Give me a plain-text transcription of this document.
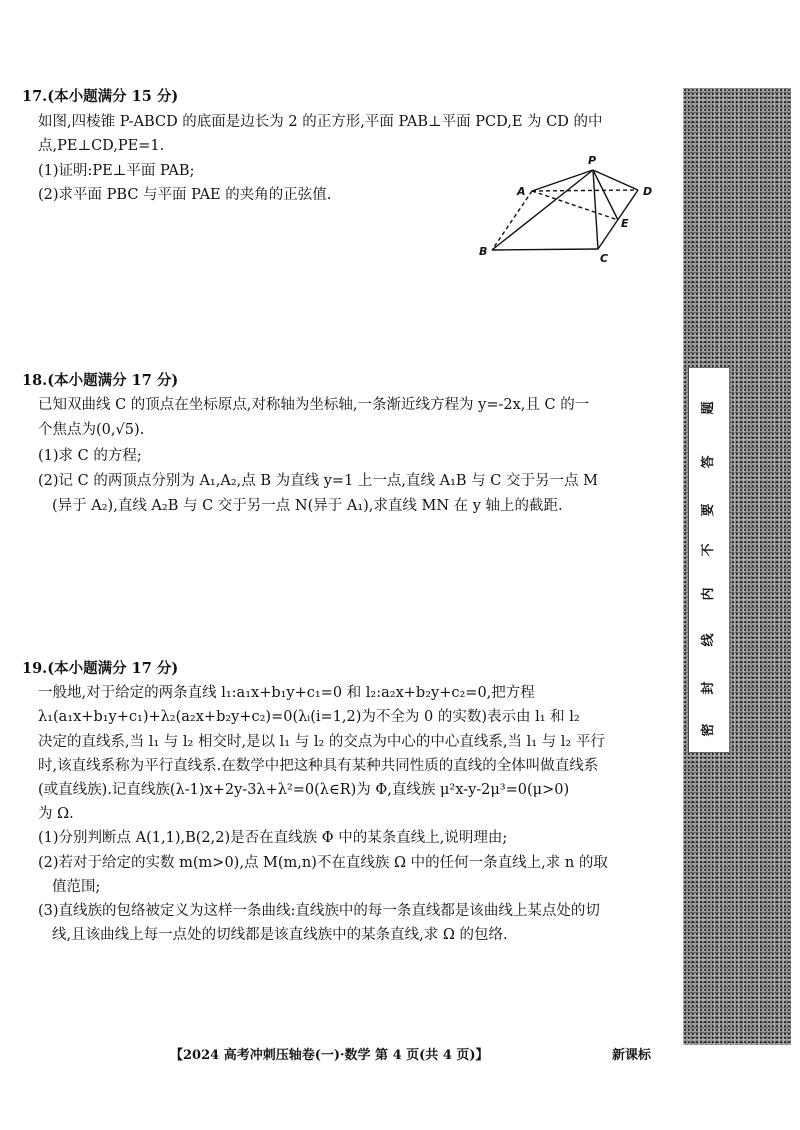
17.(本小题满分 15 分)
如图,四棱锥 P-ABCD 的底面是边长为 2 的正方形,平面 PAB⊥平面 PCD,E 为 CD 的中
点,PE⊥CD,PE=1.
(1)证明:PE⊥平面 PAB;
(2)求平面 PBC 与平面 PAE 的夹角的正弦值.
P
A	D
E
B
C
18.(本小题满分 17 分)
已知双曲线 C 的顶点在坐标原点,对称轴为坐标轴,一条渐近线方程为 y=-2x,且 C 的一
个焦点为(0,√5).
(1)求 C 的方程;
(2)记 C 的两顶点分别为 A₁,A₂,点 B 为直线 y=1 上一点,直线 A₁B 与 C 交于另一点 M
(异于 A₂),直线 A₂B 与 C 交于另一点 N(异于 A₁),求直线 MN 在 y 轴上的截距.
19.(本小题满分 17 分)
一般地,对于给定的两条直线 l₁:a₁x+b₁y+c₁=0 和 l₂:a₂x+b₂y+c₂=0,把方程
λ₁(a₁x+b₁y+c₁)+λ₂(a₂x+b₂y+c₂)=0(λᵢ(i=1,2)为不全为 0 的实数)表示由 l₁ 和 l₂
决定的直线系,当 l₁ 与 l₂ 相交时,是以 l₁ 与 l₂ 的交点为中心的中心直线系,当 l₁ 与 l₂ 平行
时,该直线系称为平行直线系.在数学中把这种具有某种共同性质的直线的全体叫做直线系
(或直线族).记直线族(λ-1)x+2y-3λ+λ²=0(λ∈R)为 Φ,直线族 μ²x-y-2μ³=0(μ>0)
为 Ω.
(1)分别判断点 A(1,1),B(2,2)是否在直线族 Φ 中的某条直线上,说明理由;
(2)若对于给定的实数 m(m>0),点 M(m,n)不在直线族 Ω 中的任何一条直线上,求 n 的取
值范围;
(3)直线族的包络被定义为这样一条曲线:直线族中的每一条直线都是该曲线上某点处的切
线,且该曲线上每一点处的切线都是该直线族中的某条直线,求 Ω 的包络.
题
答
要
不
内
线
封
密
【2024 高考冲刺压轴卷(一)·数学 第 4 页(共 4 页)】	新课标
